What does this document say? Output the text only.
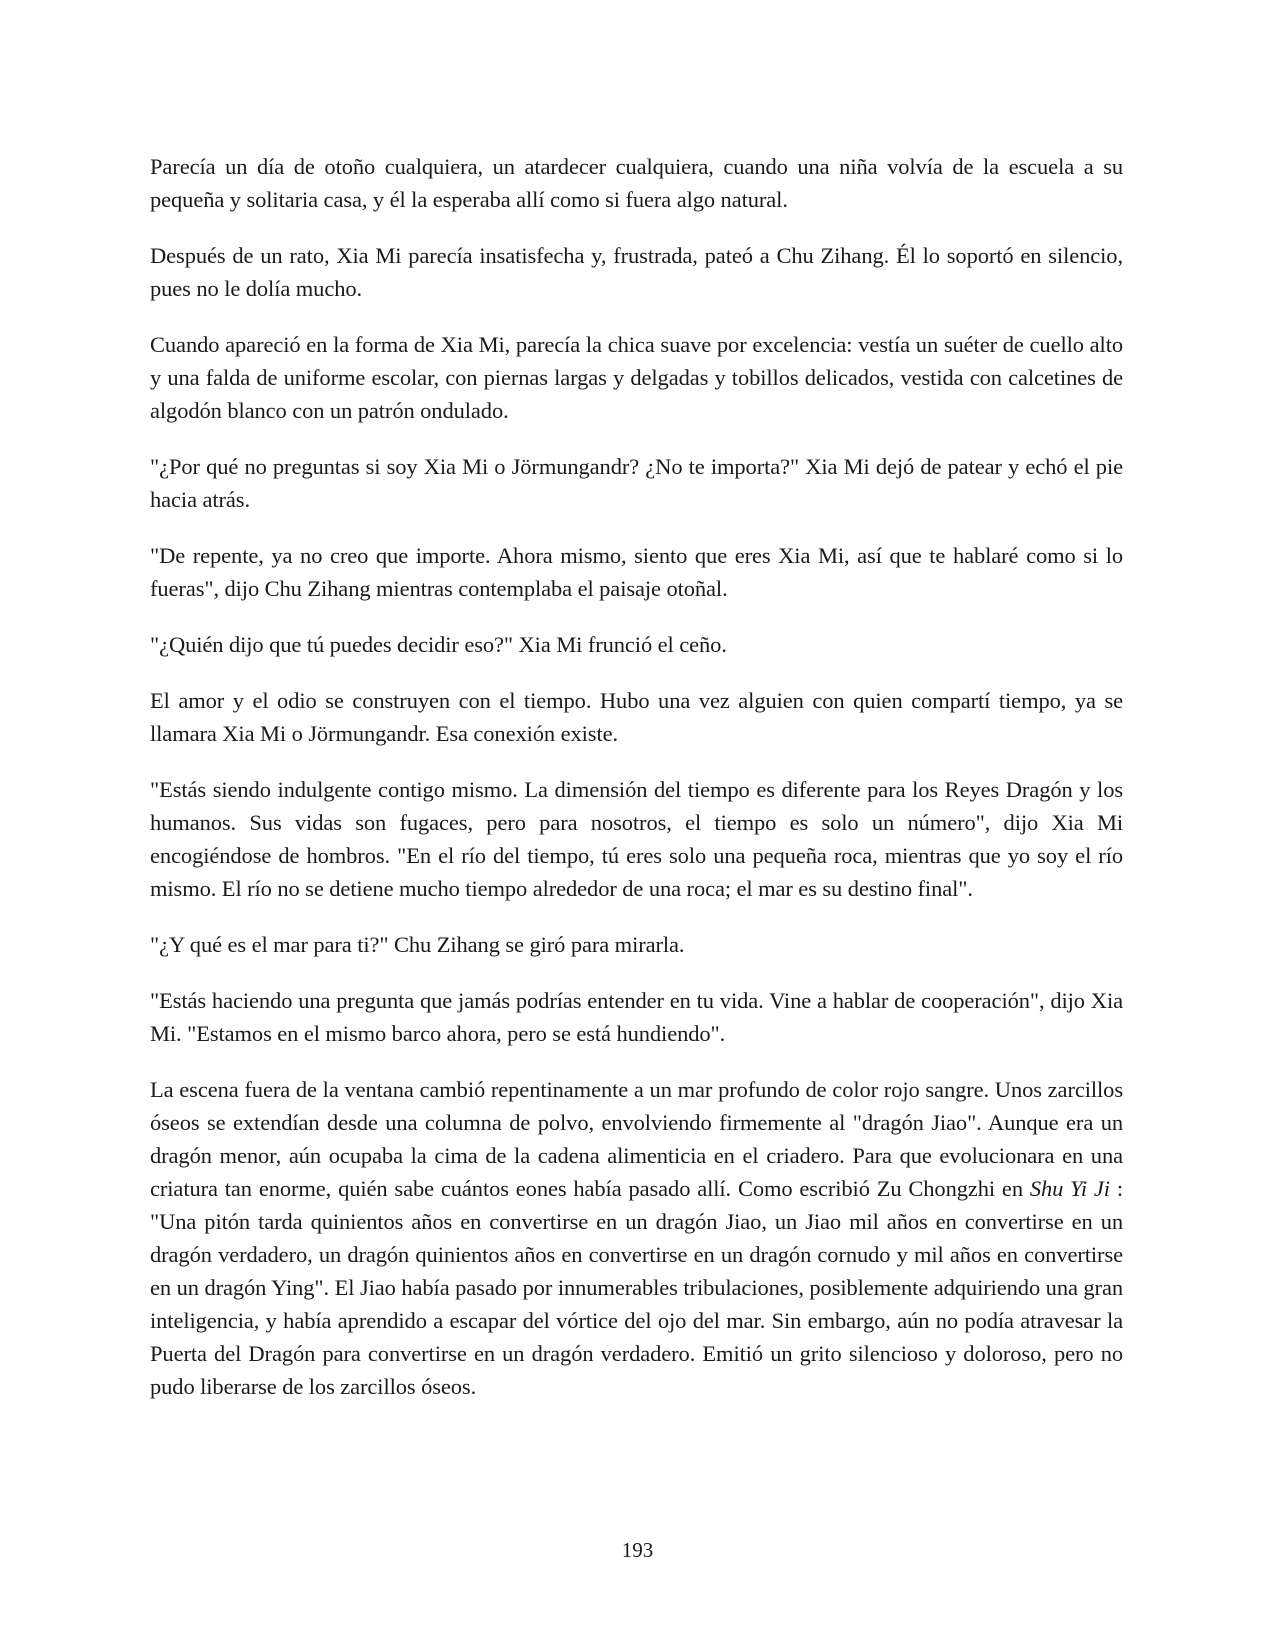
Parecía un día de otoño cualquiera, un atardecer cualquiera, cuando una niña volvía de la escuela a su pequeña y solitaria casa, y él la esperaba allí como si fuera algo natural.

Después de un rato, Xia Mi parecía insatisfecha y, frustrada, pateó a Chu Zihang. Él lo soportó en silencio, pues no le dolía mucho.

Cuando apareció en la forma de Xia Mi, parecía la chica suave por excelencia: vestía un suéter de cuello alto y una falda de uniforme escolar, con piernas largas y delgadas y tobillos delicados, vestida con calcetines de algodón blanco con un patrón ondulado.

"¿Por qué no preguntas si soy Xia Mi o Jörmungandr? ¿No te importa?" Xia Mi dejó de patear y echó el pie hacia atrás.

"De repente, ya no creo que importe. Ahora mismo, siento que eres Xia Mi, así que te hablaré como si lo fueras", dijo Chu Zihang mientras contemplaba el paisaje otoñal.

"¿Quién dijo que tú puedes decidir eso?" Xia Mi frunció el ceño.

El amor y el odio se construyen con el tiempo. Hubo una vez alguien con quien compartí tiempo, ya se llamara Xia Mi o Jörmungandr. Esa conexión existe.

"Estás siendo indulgente contigo mismo. La dimensión del tiempo es diferente para los Reyes Dragón y los humanos. Sus vidas son fugaces, pero para nosotros, el tiempo es solo un número", dijo Xia Mi encogiéndose de hombros. "En el río del tiempo, tú eres solo una pequeña roca, mientras que yo soy el río mismo. El río no se detiene mucho tiempo alrededor de una roca; el mar es su destino final".

"¿Y qué es el mar para ti?" Chu Zihang se giró para mirarla.

"Estás haciendo una pregunta que jamás podrías entender en tu vida. Vine a hablar de cooperación", dijo Xia Mi. "Estamos en el mismo barco ahora, pero se está hundiendo".

La escena fuera de la ventana cambió repentinamente a un mar profundo de color rojo sangre. Unos zarcillos óseos se extendían desde una columna de polvo, envolviendo firmemente al "dragón Jiao". Aunque era un dragón menor, aún ocupaba la cima de la cadena alimenticia en el criadero. Para que evolucionara en una criatura tan enorme, quién sabe cuántos eones había pasado allí. Como escribió Zu Chongzhi en Shu Yi Ji : "Una pitón tarda quinientos años en convertirse en un dragón Jiao, un Jiao mil años en convertirse en un dragón verdadero, un dragón quinientos años en convertirse en un dragón cornudo y mil años en convertirse en un dragón Ying". El Jiao había pasado por innumerables tribulaciones, posiblemente adquiriendo una gran inteligencia, y había aprendido a escapar del vórtice del ojo del mar. Sin embargo, aún no podía atravesar la Puerta del Dragón para convertirse en un dragón verdadero. Emitió un grito silencioso y doloroso, pero no pudo liberarse de los zarcillos óseos.

193
